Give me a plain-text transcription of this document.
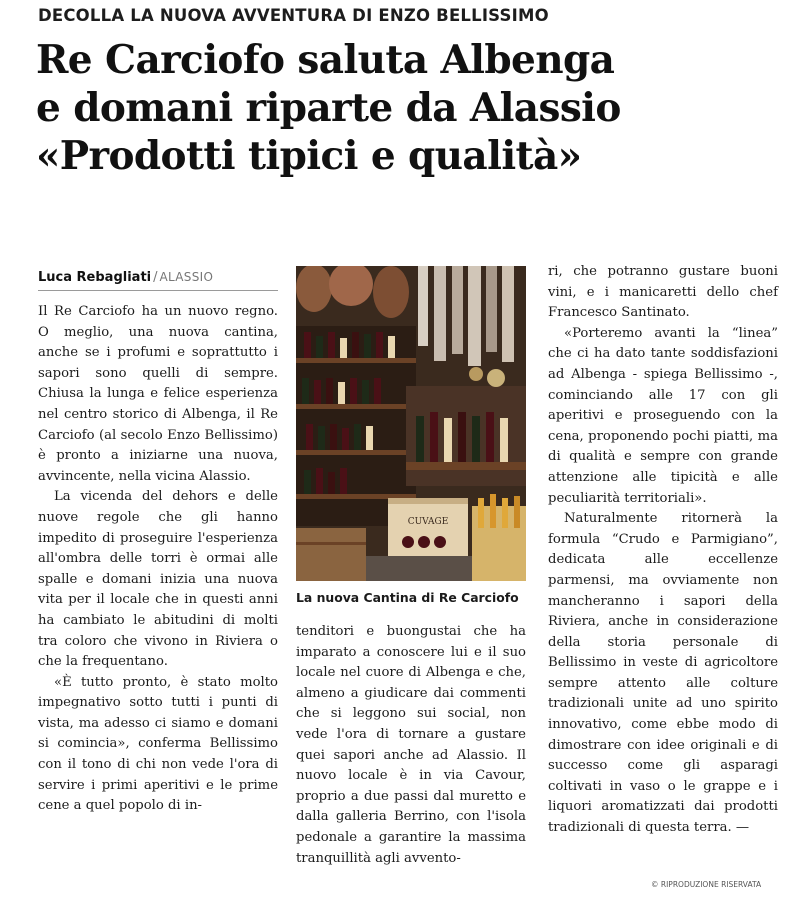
DECOLLA LA NUOVA AVVENTURA DI ENZO BELLISSIMO
Re Carciofo saluta Albenga
e domani riparte da Alassio
«Prodotti tipici e qualità»
Luca Rebagliati / ALASSIO

Il Re Carciofo ha un nuovo regno. O meglio, una nuova cantina, anche se i profumi e soprattutto i sapori sono quelli di sempre. Chiusa la lunga e felice esperienza nel centro storico di Albenga, il Re Carciofo (al secolo Enzo Bellissimo) è pronto a iniziarne una nuova, avvincente, nella vicina Alassio.

La vicenda del dehors e delle nuove regole che gli hanno impedito di proseguire l'esperienza all'ombra delle torri è ormai alle spalle e domani inizia una nuova vita per il locale che in questi anni ha cambiato le abitudini di molti tra coloro che vivono in Riviera o che la frequentano.

«È tutto pronto, è stato molto impegnativo sotto tutti i punti di vista, ma adesso ci siamo e domani si comincia», conferma Bellissimo con il tono di chi non vede l'ora di servire i primi aperitivi e le prime cene a quel popolo di in-

CUVAGE
La nuova Cantina di Re Carciofo

tenditori e buongustai che ha imparato a conoscere lui e il suo locale nel cuore di Albenga e che, almeno a giudicare dai commenti che si leggono sui social, non vede l'ora di tornare a gustare quei sapori anche ad Alassio. Il nuovo locale è in via Cavour, proprio a due passi dal muretto e dalla galleria Berrino, con l'isola pedonale a garantire la massima tranquillità agli avvento-

ri, che potranno gustare buoni vini, e i manicaretti dello chef Francesco Santinato.

«Porteremo avanti la “linea” che ci ha dato tante soddisfazioni ad Albenga - spiega Bellissimo -, cominciando alle 17 con gli aperitivi e proseguendo con la cena, proponendo pochi piatti, ma di qualità e sempre con grande attenzione alle tipicità e alle peculiarità territoriali».

Naturalmente ritornerà la formula “Crudo e Parmigiano”, dedicata alle eccellenze parmensi, ma ovviamente non mancheranno i sapori della Riviera, anche in considerazione della storia personale di Bellissimo in veste di agricoltore sempre attento alle colture tradizionali unite ad uno spirito innovativo, come ebbe modo di dimostrare con idee originali e di successo come gli asparagi coltivati in vaso o le grappe e i liquori aromatizzati dai prodotti tradizionali di questa terra. —

© RIPRODUZIONE RISERVATA
